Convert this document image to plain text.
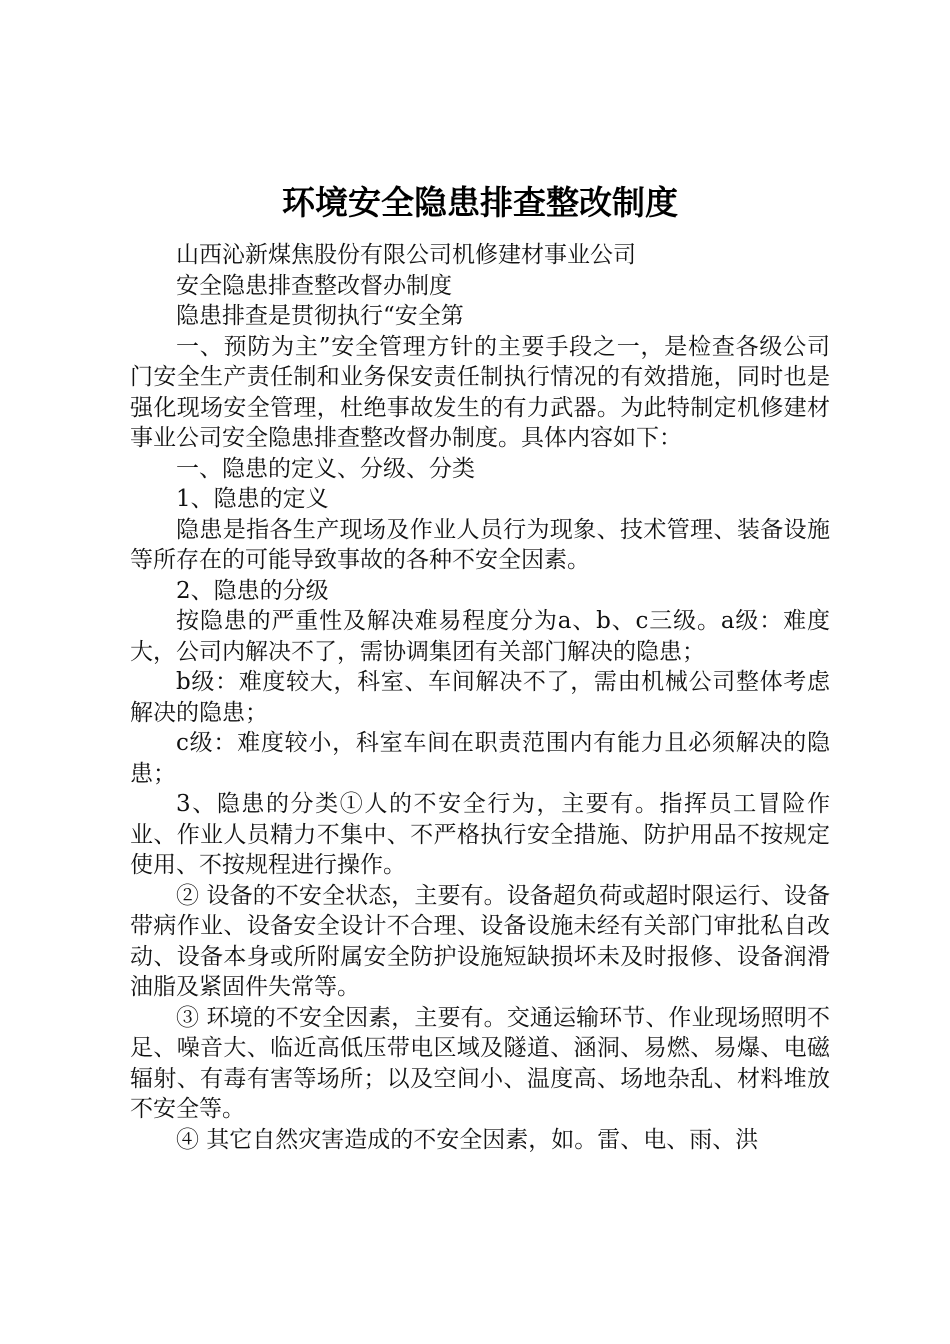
环境安全隐患排查整改制度

山西沁新煤焦股份有限公司机修建材事业公司

安全隐患排查整改督办制度

隐患排查是贯彻执行“安全第

一、预防为主”安全管理方针的主要手段之一，是检查各级公司门安全生产责任制和业务保安责任制执行情况的有效措施，同时也是强化现场安全管理，杜绝事故发生的有力武器。为此特制定机修建材事业公司安全隐患排查整改督办制度。具体内容如下：

一、隐患的定义、分级、分类

1、隐患的定义

隐患是指各生产现场及作业人员行为现象、技术管理、装备设施等所存在的可能导致事故的各种不安全因素。

2、隐患的分级

按隐患的严重性及解决难易程度分为a、b、c三级。a级：难度大，公司内解决不了，需协调集团有关部门解决的隐患；

b级：难度较大，科室、车间解决不了，需由机械公司整体考虑解决的隐患；

c级：难度较小，科室车间在职责范围内有能力且必须解决的隐患；

3、隐患的分类①人的不安全行为，主要有。指挥员工冒险作业、作业人员精力不集中、不严格执行安全措施、防护用品不按规定使用、不按规程进行操作。

② 设备的不安全状态，主要有。设备超负荷或超时限运行、设备带病作业、设备安全设计不合理、设备设施未经有关部门审批私自改动、设备本身或所附属安全防护设施短缺损坏未及时报修、设备润滑油脂及紧固件失常等。

③ 环境的不安全因素，主要有。交通运输环节、作业现场照明不足、噪音大、临近高低压带电区域及隧道、涵洞、易燃、易爆、电磁辐射、有毒有害等场所；以及空间小、温度高、场地杂乱、材料堆放不安全等。

④ 其它自然灾害造成的不安全因素，如。雷、电、雨、洪
